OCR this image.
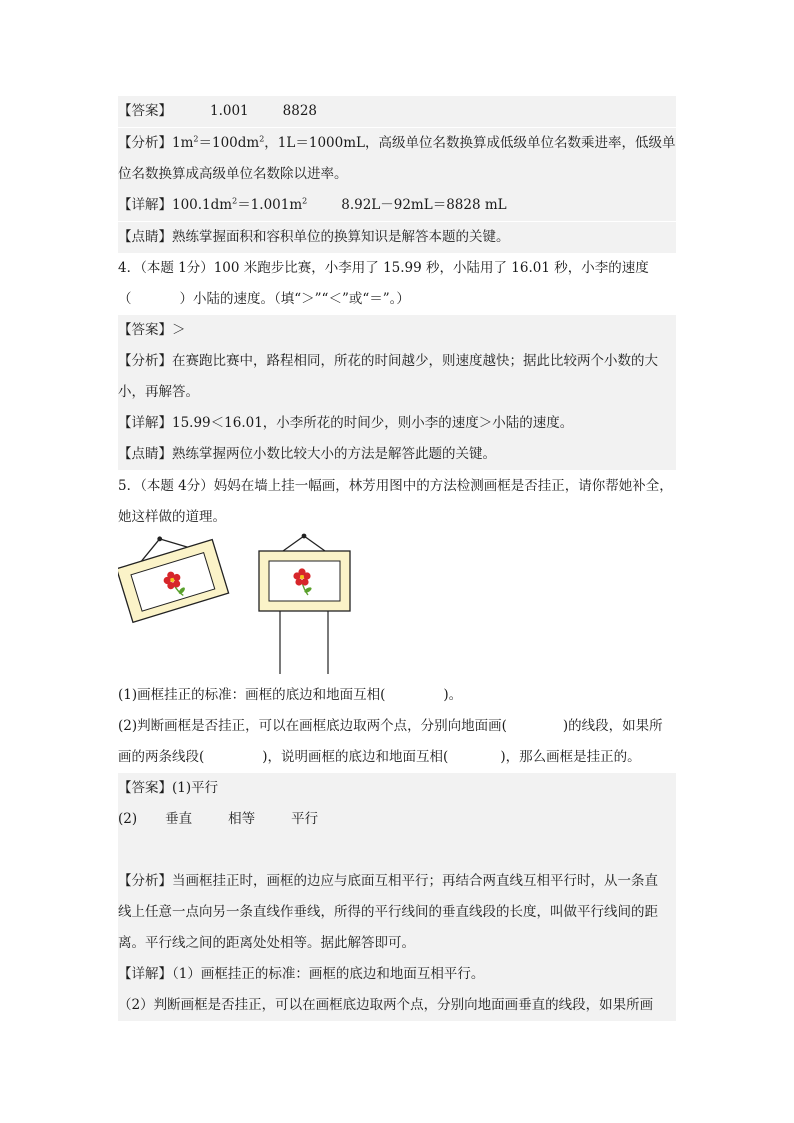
【答案】	1.001	8828
【分析】$1m^2=100dm^2$，1L＝1000mL，高级单位名数换算成低级单位名数乘进率，低级单
位名数换算成高级单位名数除以进率。
【详解】$100.1dm^2=1.001m^2$	8.92L－92mL＝8828 mL
【点睛】熟练掌握面积和容积单位的换算知识是解答本题的关键。
4．（本题 1分）100 米跑步比赛，小李用了 15.99 秒，小陆用了 16.01 秒，小李的速度
（	）小陆的速度。（填“＞”“＜”或“＝”。）
【答案】＞
【分析】在赛跑比赛中，路程相同，所花的时间越少，则速度越快；据此比较两个小数的大
小，再解答。
【详解】15.99＜16.01，小李所花的时间少，则小李的速度＞小陆的速度。
【点睛】熟练掌握两位小数比较大小的方法是解答此题的关键。
5．（本题 4分）妈妈在墙上挂一幅画，林芳用图中的方法检测画框是否挂正，请你帮她补全，
她这样做的道理。
(1)画框挂正的标准：画框的底边和地面互相(	)。
(2)判断画框是否挂正，可以在画框底边取两个点，分别向地面画(	)的线段，如果所
画的两条线段(	)，说明画框的底边和地面互相(	)，那么画框是挂正的。
【答案】(1)平行
(2) 垂直	相等	平行
【分析】当画框挂正时，画框的边应与底面互相平行；再结合两直线互相平行时，从一条直
线上任意一点向另一条直线作垂线，所得的平行线间的垂直线段的长度，叫做平行线间的距
离。平行线之间的距离处处相等。据此解答即可。
【详解】（1）画框挂正的标准：画框的底边和地面互相平行。
（2）判断画框是否挂正，可以在画框底边取两个点，分别向地面画垂直的线段，如果所画
